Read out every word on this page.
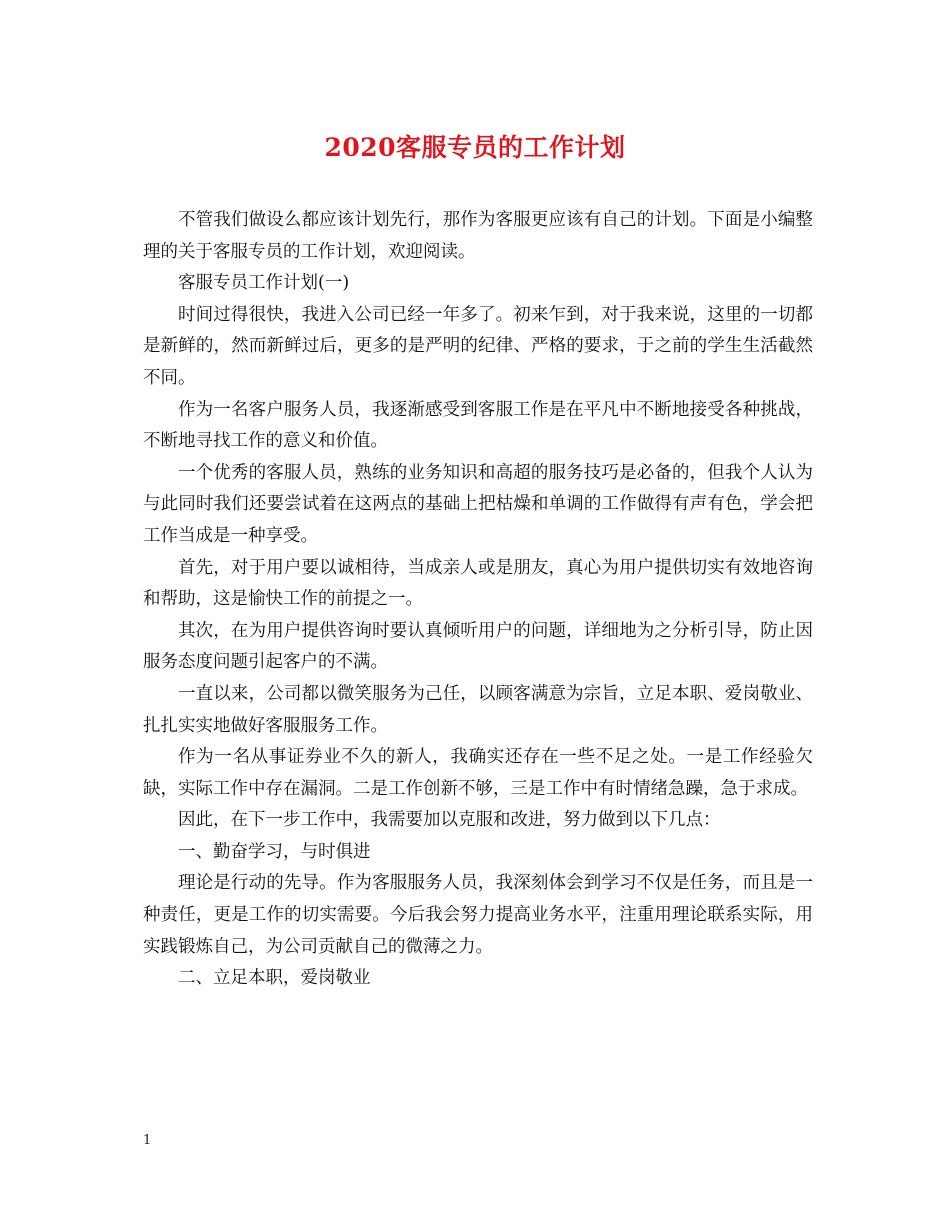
2020客服专员的工作计划

不管我们做设么都应该计划先行，那作为客服更应该有自己的计划。下面是小编整理的关于客服专员的工作计划，欢迎阅读。

客服专员工作计划(一)

时间过得很快，我进入公司已经一年多了。初来乍到，对于我来说，这里的一切都是新鲜的，然而新鲜过后，更多的是严明的纪律、严格的要求，于之前的学生生活截然不同。

作为一名客户服务人员，我逐渐感受到客服工作是在平凡中不断地接受各种挑战，不断地寻找工作的意义和价值。

一个优秀的客服人员，熟练的业务知识和高超的服务技巧是必备的，但我个人认为与此同时我们还要尝试着在这两点的基础上把枯燥和单调的工作做得有声有色，学会把工作当成是一种享受。

首先，对于用户要以诚相待，当成亲人或是朋友，真心为用户提供切实有效地咨询和帮助，这是愉快工作的前提之一。

其次，在为用户提供咨询时要认真倾听用户的问题，详细地为之分析引导，防止因服务态度问题引起客户的不满。

一直以来，公司都以微笑服务为己任，以顾客满意为宗旨，立足本职、爱岗敬业、扎扎实实地做好客服服务工作。

作为一名从事证券业不久的新人，我确实还存在一些不足之处。一是工作经验欠缺，实际工作中存在漏洞。二是工作创新不够，三是工作中有时情绪急躁，急于求成。

因此，在下一步工作中，我需要加以克服和改进，努力做到以下几点：

一、勤奋学习，与时俱进

理论是行动的先导。作为客服服务人员，我深刻体会到学习不仅是任务，而且是一种责任，更是工作的切实需要。今后我会努力提高业务水平，注重用理论联系实际，用实践锻炼自己，为公司贡献自己的微薄之力。

二、立足本职，爱岗敬业

1
